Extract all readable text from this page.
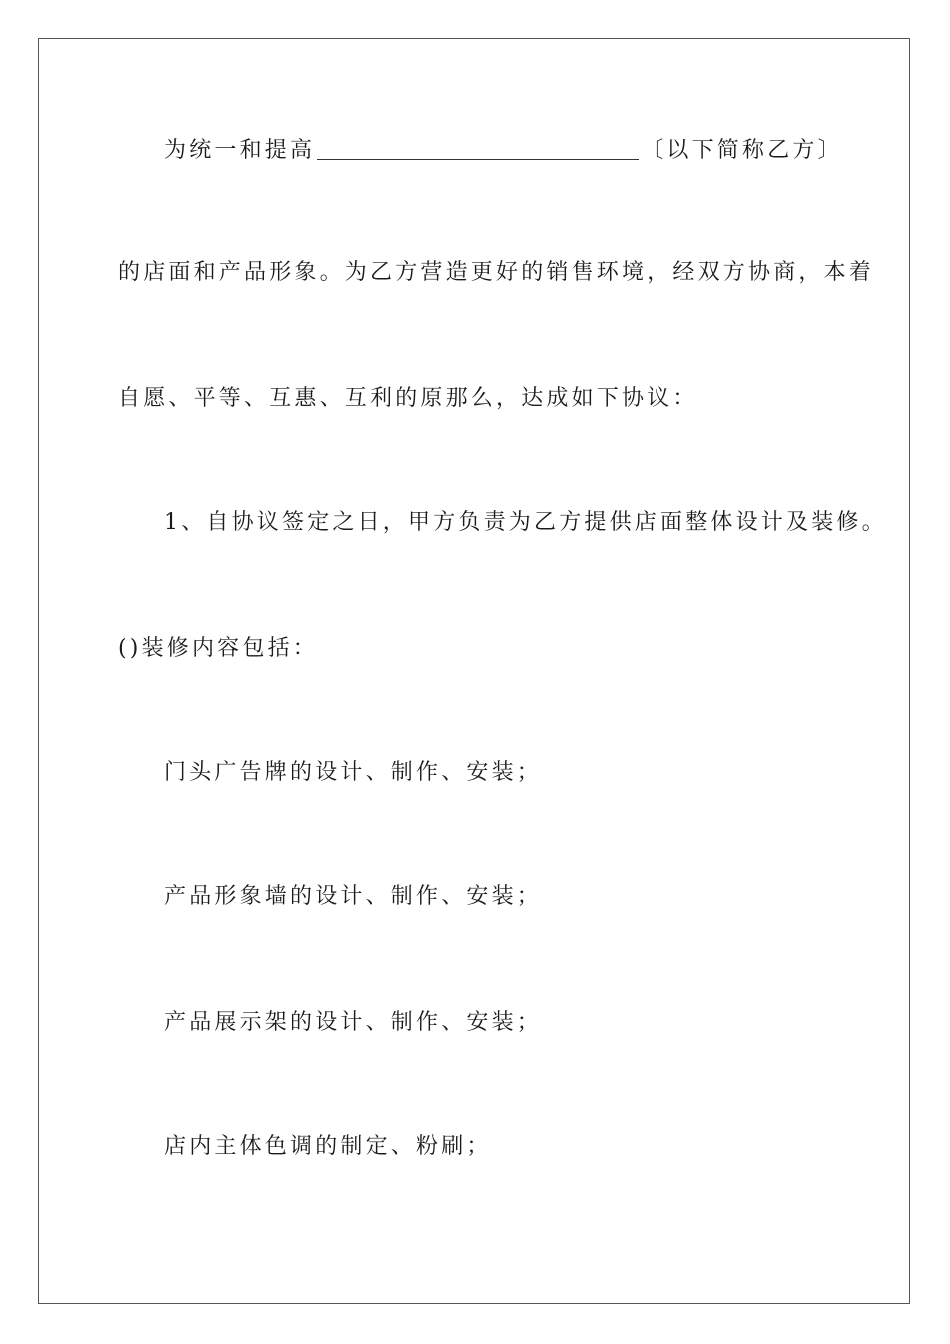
为统一和提高	〔以下简称乙方〕
的店面和产品形象。为乙方营造更好的销售环境，经双方协商，本着
自愿、平等、互惠、互利的原那么，达成如下协议：
1、自协议签定之日，甲方负责为乙方提供店面整体设计及装修。
()装修内容包括：
门头广告牌的设计、制作、安装；
产品形象墙的设计、制作、安装；
产品展示架的设计、制作、安装；
店内主体色调的制定、粉刷；
